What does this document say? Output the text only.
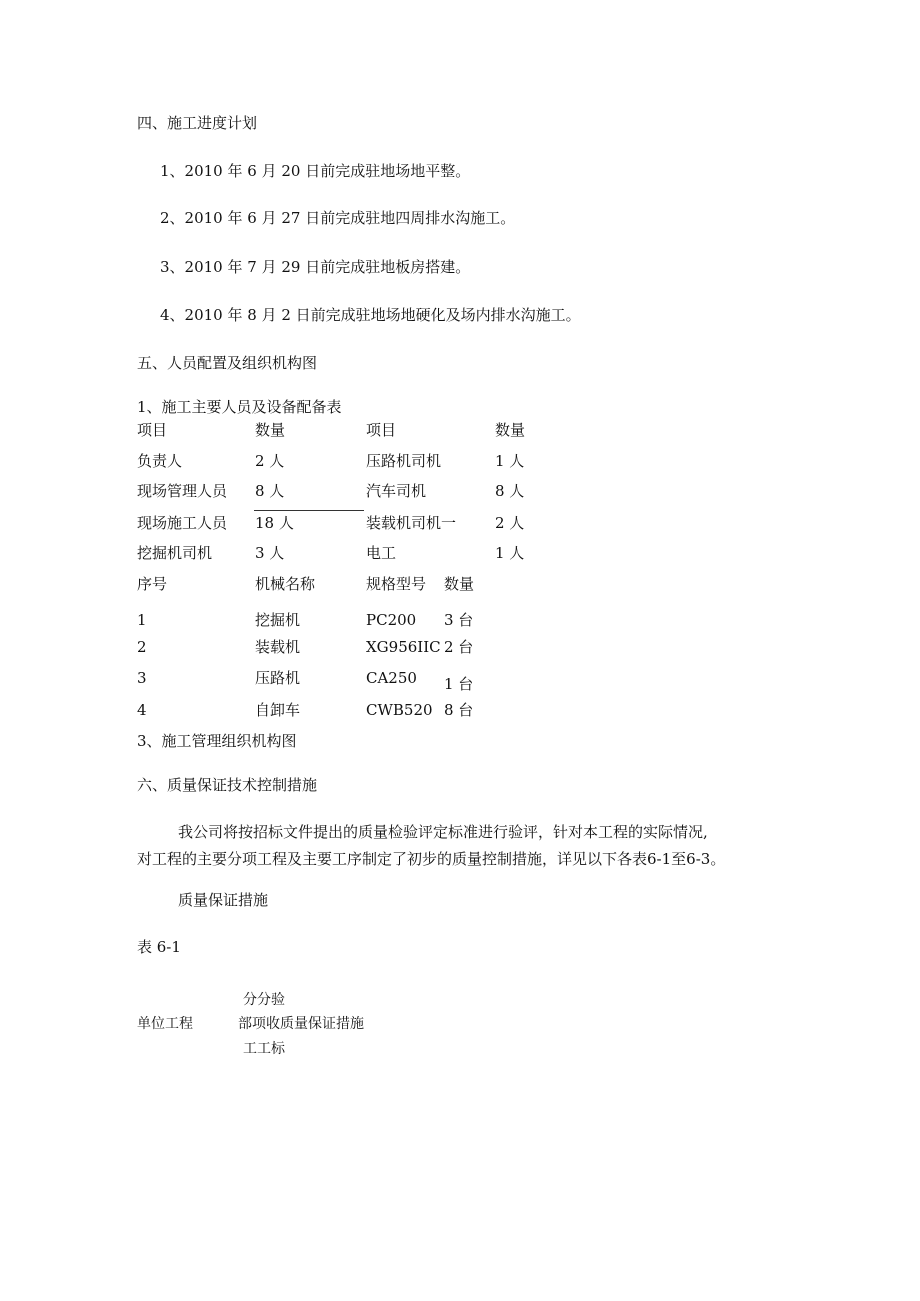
四、施工进度计划
1、2010 年 6 月 20 日前完成驻地场地平整。
2、2010 年 6 月 27 日前完成驻地四周排水沟施工。
3、2010 年 7 月 29 日前完成驻地板房搭建。
4、2010 年 8 月 2 日前完成驻地场地硬化及场内排水沟施工。
五、人员配置及组织机构图
1、施工主要人员及设备配备表
项目	数量	项目	数量
负责人	2 人	压路机司机	1 人
现场管理人员 8 人	汽车司机	8 人
现场施工人员 18 人	装载机司机一	2 人
挖掘机司机	3 人	电工	1 人
序号	机械名称	规格型号 数量
1	挖掘机	PC200 3 台
2	装载机	XG956IIC 2 台
3	压路机	CA250 1 台
4	自卸车	CWB520 8 台
3、施工管理组织机构图
六、质量保证技术控制措施
我公司将按招标文件提出的质量检验评定标准进行验评，针对本工程的实际情况,
对工程的主要分项工程及主要工序制定了初步的质量控制措施，详见以下各表6-1至6-3。
质量保证措施
表 6-1
单位工程
分分验
部项收质量保证措施
工工标
